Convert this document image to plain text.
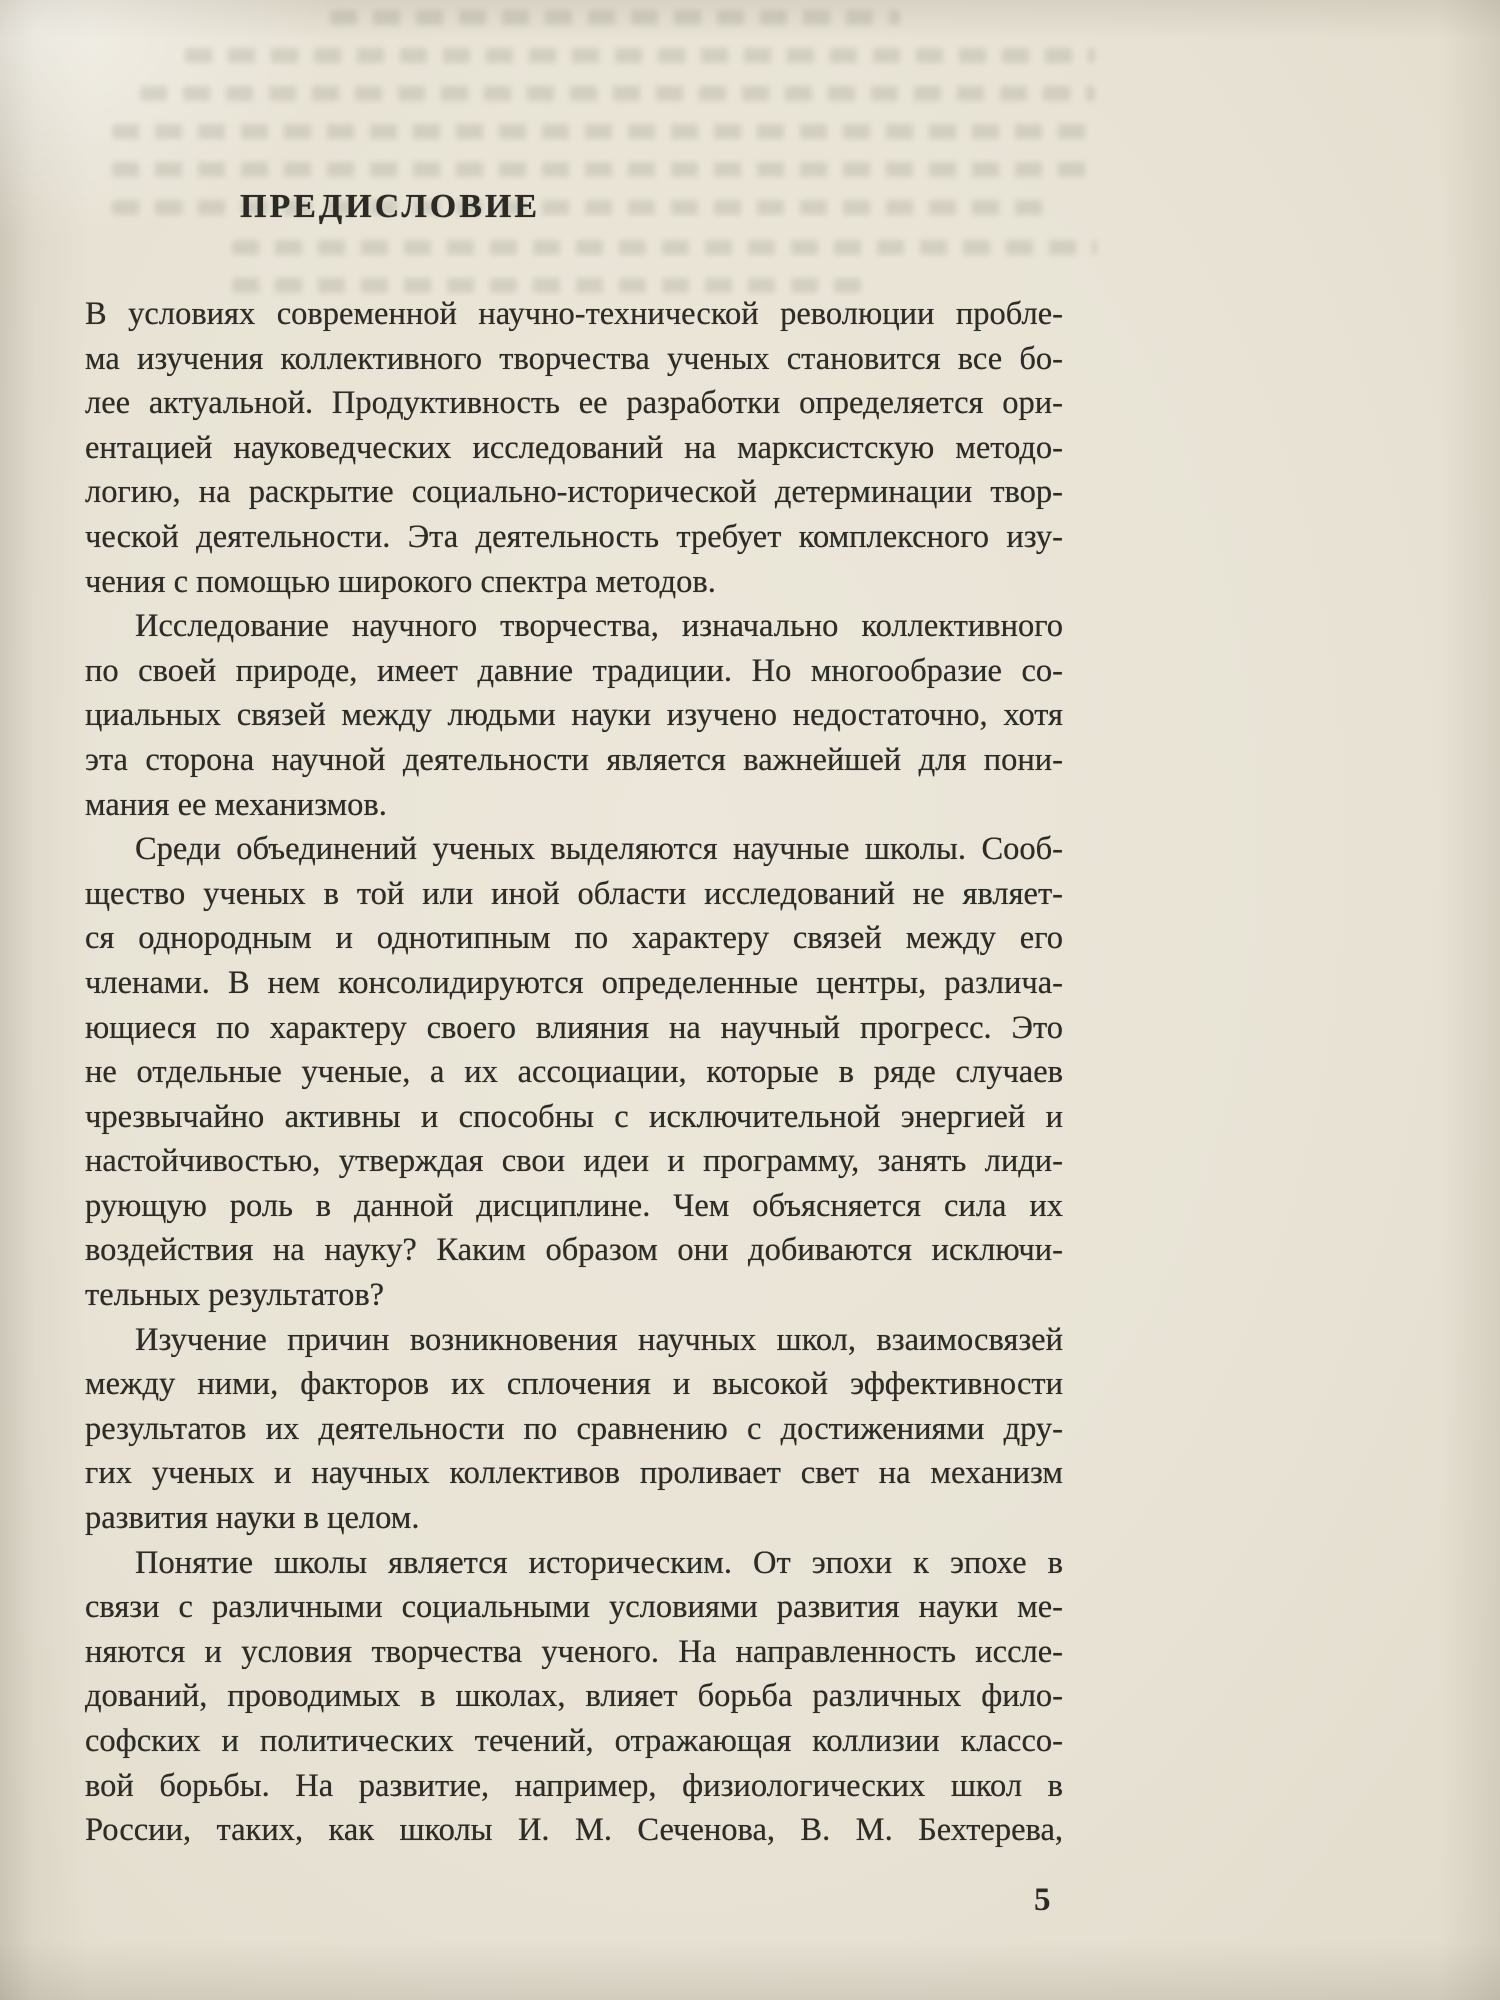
ПРЕДИСЛОВИЕ
В условиях современной научно-технической революции пробле-
ма изучения коллективного творчества ученых становится все бо-
лее актуальной. Продуктивность ее разработки определяется ори-
ентацией науковедческих исследований на марксистскую методо-
логию, на раскрытие социально-исторической детерминации твор-
ческой деятельности. Эта деятельность требует комплексного изу-
чения с помощью широкого спектра методов.
Исследование научного творчества, изначально коллективного
по своей природе, имеет давние традиции. Но многообразие со-
циальных связей между людьми науки изучено недостаточно, хотя
эта сторона научной деятельности является важнейшей для пони-
мания ее механизмов.
Среди объединений ученых выделяются научные школы. Сооб-
щество ученых в той или иной области исследований не являет-
ся однородным и однотипным по характеру связей между его
членами. В нем консолидируются определенные центры, различа-
ющиеся по характеру своего влияния на научный прогресс. Это
не отдельные ученые, а их ассоциации, которые в ряде случаев
чрезвычайно активны и способны с исключительной энергией и
настойчивостью, утверждая свои идеи и программу, занять лиди-
рующую роль в данной дисциплине. Чем объясняется сила их
воздействия на науку? Каким образом они добиваются исключи-
тельных результатов?
Изучение причин возникновения научных школ, взаимосвязей
между ними, факторов их сплочения и высокой эффективности
результатов их деятельности по сравнению с достижениями дру-
гих ученых и научных коллективов проливает свет на механизм
развития науки в целом.
Понятие школы является историческим. От эпохи к эпохе в
связи с различными социальными условиями развития науки ме-
няются и условия творчества ученого. На направленность иссле-
дований, проводимых в школах, влияет борьба различных фило-
софских и политических течений, отражающая коллизии классо-
вой борьбы. На развитие, например, физиологических школ в
России, таких, как школы И. М. Сеченова, В. М. Бехтерева,
5
